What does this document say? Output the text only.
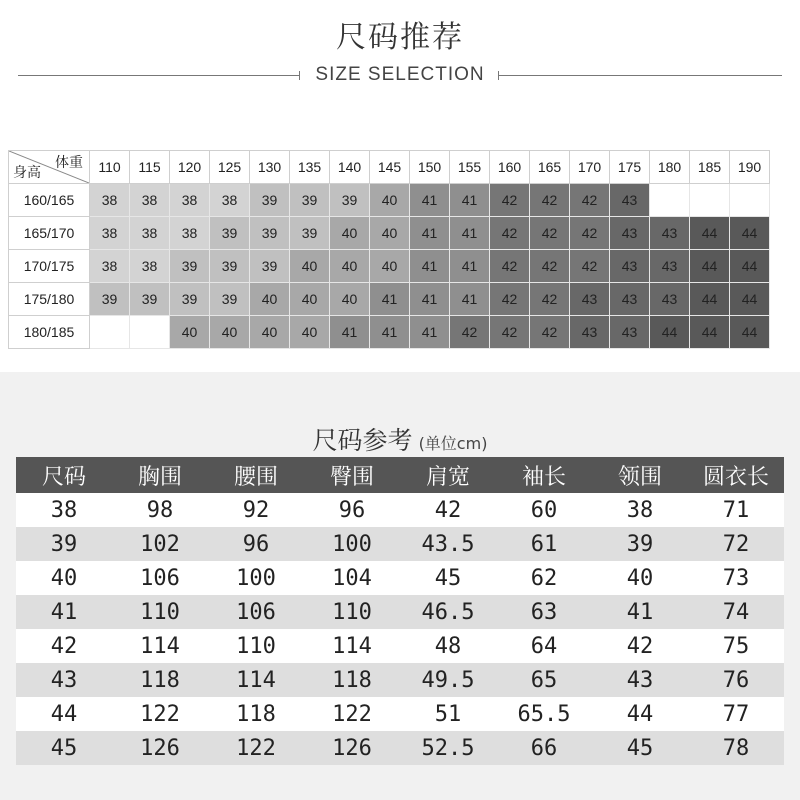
尺码推荐
SIZE SELECTION
体重
身高	110	115	120	125	130	135	140	145	150	155	160	165	170	175	180	185	190
160/165	38	38	38	38	39	39	39	40	41	41	42	42	42	43			
165/170	38	38	38	39	39	39	40	40	41	41	42	42	42	43	43	44	44
170/175	38	38	39	39	39	40	40	40	41	41	42	42	42	43	43	44	44
175/180	39	39	39	39	40	40	40	41	41	41	42	42	43	43	43	44	44
180/185			40	40	40	40	41	41	41	42	42	42	43	43	44	44	44
尺码参考 (单位cm)
尺码	胸围	腰围	臀围	肩宽	袖长	领围	圆衣长
38	98	92	96	42	60	38	71
39	102	96	100	43.5	61	39	72
40	106	100	104	45	62	40	73
41	110	106	110	46.5	63	41	74
42	114	110	114	48	64	42	75
43	118	114	118	49.5	65	43	76
44	122	118	122	51	65.5	44	77
45	126	122	126	52.5	66	45	78
